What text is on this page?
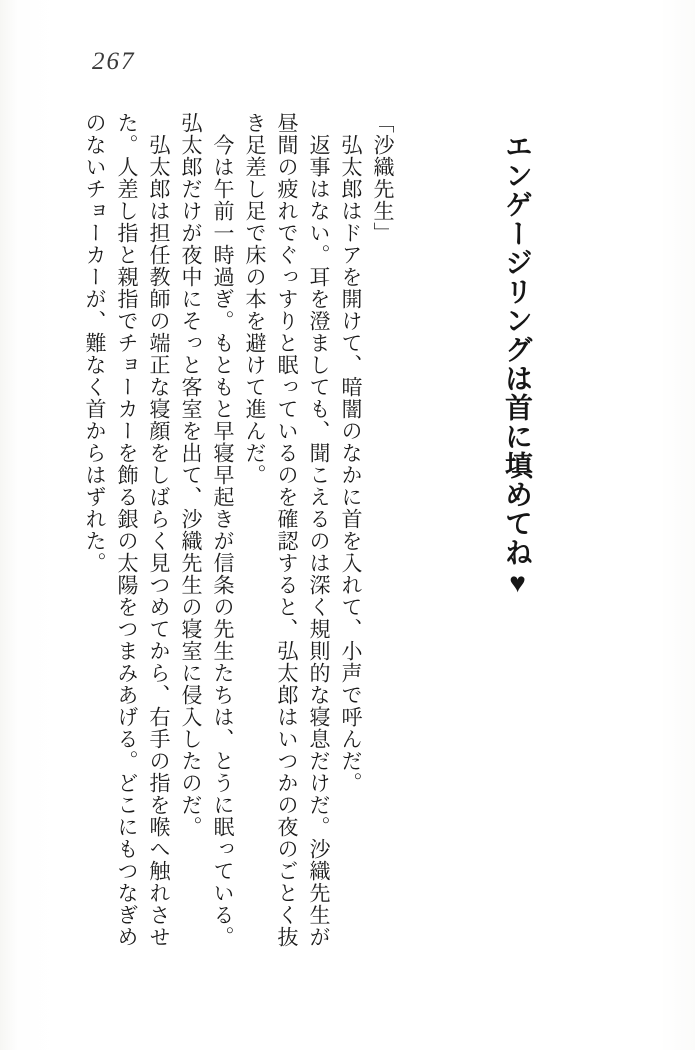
267
エンゲージリングは首に填めてね♥

「沙織先生」

弘太郎はドアを開けて、暗闇のなかに首を入れて、小声で呼んだ。

返事はない。耳を澄ましても、聞こえるのは深く規則的な寝息だけだ。沙織先生が昼間の疲れでぐっすりと眠っているのを確認すると、弘太郎はいつかの夜のごとく抜き足差し足で床の本を避けて進んだ。

今は午前一時過ぎ。もともと早寝早起きが信条の先生たちは、とうに眠っている。弘太郎だけが夜中にそっと客室を出て、沙織先生の寝室に侵入したのだ。

弘太郎は担任教師の端正な寝顔をしばらく見つめてから、右手の指を喉へ触れさせた。人差し指と親指でチョーカーを飾る銀の太陽をつまみあげる。どこにもつなぎめのないチョーカーが、難なく首からはずれた。
